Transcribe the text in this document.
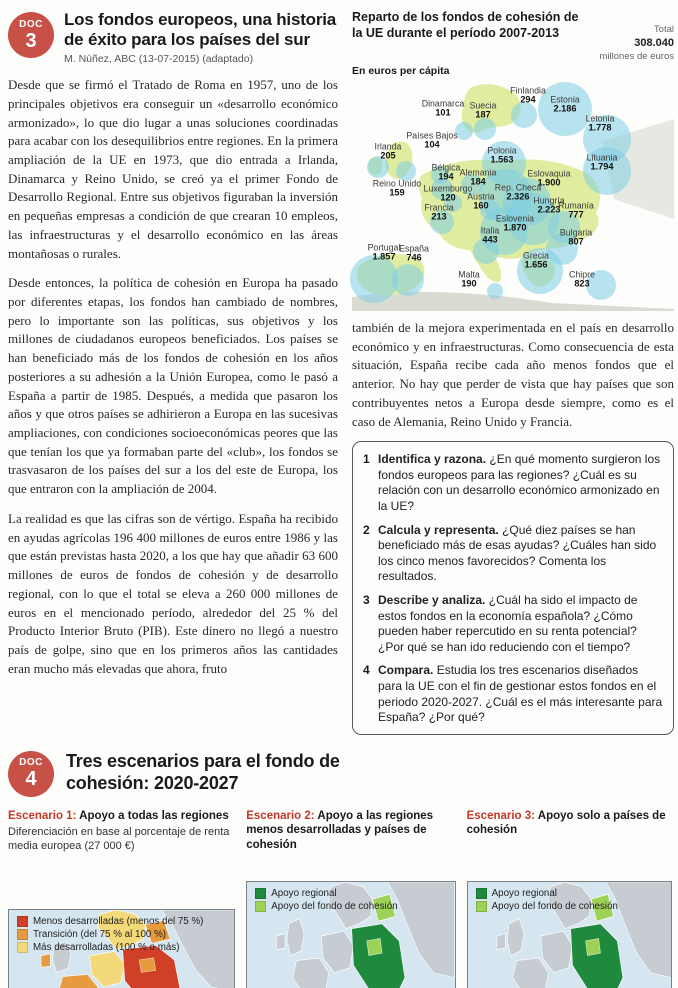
DOC
3
Los fondos europeos, una historia de éxito para los países del sur
M. Núñez, ABC (13-07-2015) (adaptado)

Desde que se firmó el Tratado de Roma en 1957, uno de los principales objetivos era conseguir un «desarrollo económico armonizado», lo que dio lugar a unas soluciones coordinadas para acabar con los desequilibrios entre regiones. En la primera ampliación de la UE en 1973, que dio entrada a Irlanda, Dinamarca y Reino Unido, se creó ya el primer Fondo de Desarrollo Regional. Entre sus objetivos figuraban la inversión en pequeñas empresas a condición de que crearan 10 empleos, las infraestructuras y el desarrollo económico en las áreas montañosas o rurales.

Desde entonces, la política de cohesión en Europa ha pasado por diferentes etapas, los fondos han cambiado de nombres, pero lo importante son las políticas, sus objetivos y los millones de ciudadanos europeos beneficiados. Los países se han beneficiado más de los fondos de cohesión en los años posteriores a su adhesión a la Unión Europea, como le pasó a España a partir de 1985. Después, a medida que pasaron los años y que otros países se adhirieron a Europa en las sucesivas ampliaciones, con condiciones socioeconómicas peores que las que tenían los que ya formaban parte del «club», los fondos se trasvasaron de los países del sur a los del este de Europa, los que entraron con la ampliación de 2004.

La realidad es que las cifras son de vértigo. España ha recibido en ayudas agrícolas 196 400 millones de euros entre 1986 y las que están previstas hasta 2020, a los que hay que añadir 63 600 millones de euros de fondos de cohesión y de desarrollo regional, con lo que el total se eleva a 260 000 millones de euros en el mencionado período, alrededor del 25 % del Producto Interior Bruto (PIB). Este dinero no llegó a nuestro país de golpe, sino que en los primeros años las cantidades eran mucho más elevadas que ahora, fruto

Reparto de los fondos de cohesión de la UE durante el período 2007-2013	Total
308.040
millones de euros
En euros per cápita
Dinamarca
101
Suecia
187
Finlandia
294	Estonia
2.186
Letonia
1.778
Lituania
1.794
Irlanda
205
Países Bajos
104
Bélgica
194
Polonia
1.563
Reino Unido
159	Luxemburgo
120
Alemania
184
Austria
160
Rep. Checa
2.326
Eslovaquia
1.900
Hungría
2.223
Rumanía
777
Francia
213	Eslovenia
1.870
Italia
443
Bulgaria
807
Portugal
1.857
España
746	Grecia
1.656
Malta
190
Chipre
823

también de la mejora experimentada en el país en desarrollo económico y en infraestructuras. Como consecuencia de esta situación, España recibe cada año menos fondos que el anterior. No hay que perder de vista que hay países que son contribuyentes netos a Europa desde siempre, como es el caso de Alemania, Reino Unido y Francia.

1 Identifica y razona. ¿En qué momento surgieron los fondos europeos para las regiones? ¿Cuál es su relación con un desarrollo económico armonizado en la UE?
2 Calcula y representa. ¿Qué diez países se han beneficiado más de esas ayudas? ¿Cuáles han sido los cinco menos favorecidos? Comenta los resultados.
3 Describe y analiza. ¿Cuál ha sido el impacto de estos fondos en la economía española? ¿Cómo pueden haber repercutido en su renta potencial? ¿Por qué se han ido reduciendo con el tiempo?
4 Compara. Estudia los tres escenarios diseñados para la UE con el fin de gestionar estos fondos en el periodo 2020-2027. ¿Cuál es el más interesante para España? ¿Por qué?
DOC
4
Tres escenarios para el fondo de cohesión: 2020-2027
Escenario 1: Apoyo a todas las regiones
Diferenciación en base al porcentaje de renta media europea (27 000 €)
Menos desarrolladas (menos del 75 %)
Transición (del 75 % al 100 %)
Más desarrolladas (100 % o más)
Escenario 2: Apoyo a las regiones menos desarrolladas y países de cohesión
Apoyo regional
Apoyo del fondo de cohesión
Escenario 3: Apoyo solo a países de cohesión
Apoyo regional
Apoyo del fondo de cohesión
